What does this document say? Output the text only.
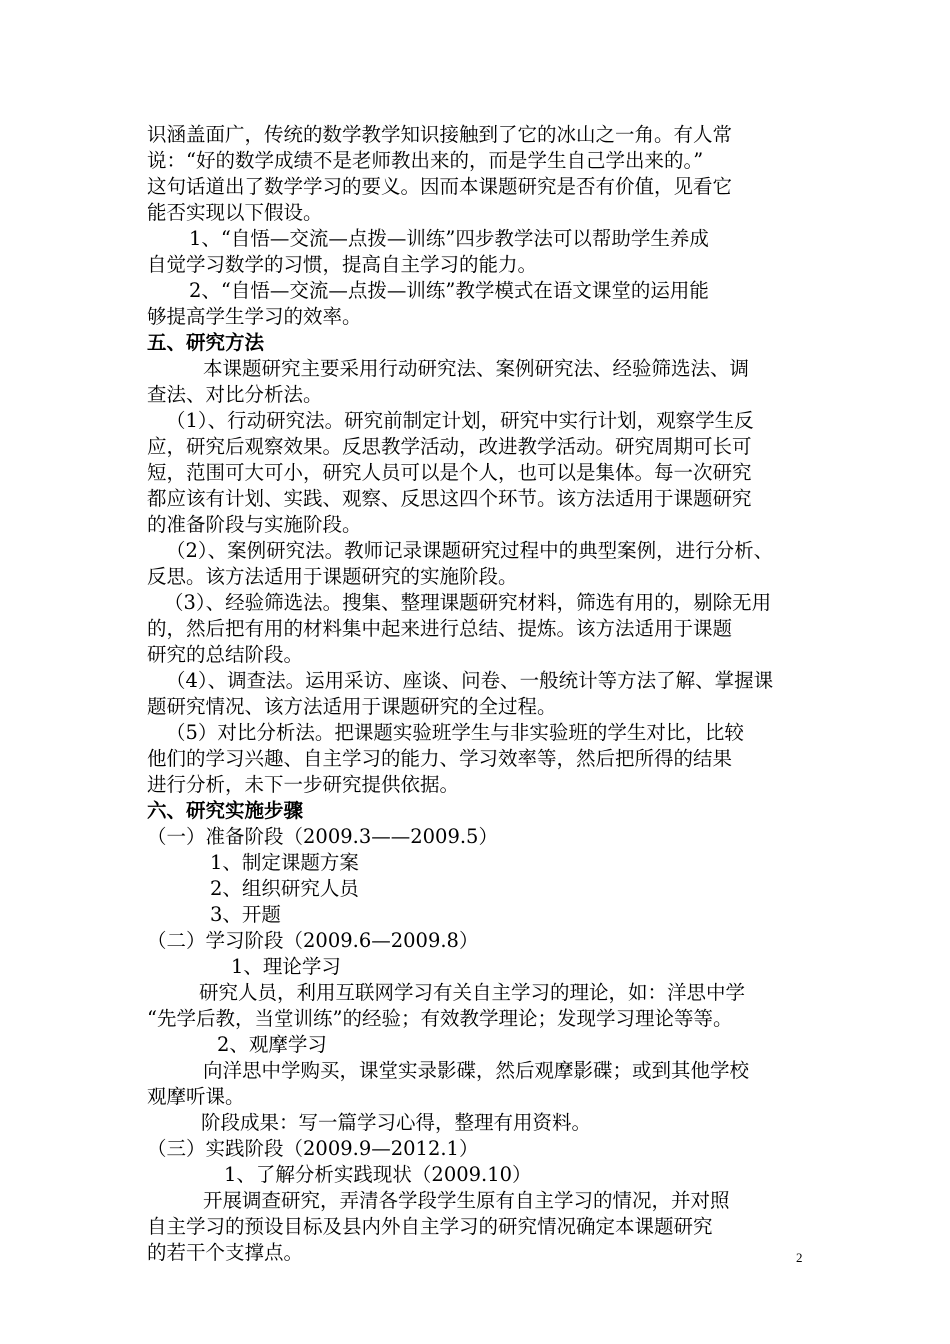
识涵盖面广，传统的数学教学知识接触到了它的冰山之一角。有人常
说：“好的数学成绩不是老师教出来的，而是学生自己学出来的。”
这句话道出了数学学习的要义。因而本课题研究是否有价值，见看它
能否实现以下假设。
1、“自悟—交流—点拨—训练”四步教学法可以帮助学生养成
自觉学习数学的习惯，提高自主学习的能力。
2、“自悟—交流—点拨—训练”教学模式在语文课堂的运用能
够提高学生学习的效率。
五、研究方法
本课题研究主要采用行动研究法、案例研究法、经验筛选法、调
查法、对比分析法。
（1）、行动研究法。研究前制定计划，研究中实行计划，观察学生反
应，研究后观察效果。反思教学活动，改进教学活动。研究周期可长可
短，范围可大可小，研究人员可以是个人，也可以是集体。每一次研究
都应该有计划、实践、观察、反思这四个环节。该方法适用于课题研究
的准备阶段与实施阶段。
（2）、案例研究法。教师记录课题研究过程中的典型案例，进行分析、
反思。该方法适用于课题研究的实施阶段。
（3）、经验筛选法。搜集、整理课题研究材料，筛选有用的，剔除无用
的，然后把有用的材料集中起来进行总结、提炼。该方法适用于课题
研究的总结阶段。
（4）、调查法。运用采访、座谈、问卷、一般统计等方法了解、掌握课
题研究情况、该方法适用于课题研究的全过程。
（5）对比分析法。把课题实验班学生与非实验班的学生对比，比较
他们的学习兴趣、自主学习的能力、学习效率等，然后把所得的结果
进行分析，未下一步研究提供依据。
六、研究实施步骤
（一）准备阶段（2009.3——2009.5）
1、制定课题方案
2、组织研究人员
3、开题
（二）学习阶段（2009.6—2009.8）
1、理论学习
研究人员，利用互联网学习有关自主学习的理论，如：洋思中学
“先学后教，当堂训练”的经验；有效教学理论；发现学习理论等等。
2、观摩学习
向洋思中学购买，课堂实录影碟，然后观摩影碟；或到其他学校
观摩听课。
阶段成果：写一篇学习心得，整理有用资料。
（三）实践阶段（2009.9—2012.1）
1、了解分析实践现状（2009.10）
开展调查研究，弄清各学段学生原有自主学习的情况，并对照
自主学习的预设目标及县内外自主学习的研究情况确定本课题研究
的若干个支撑点。	2
